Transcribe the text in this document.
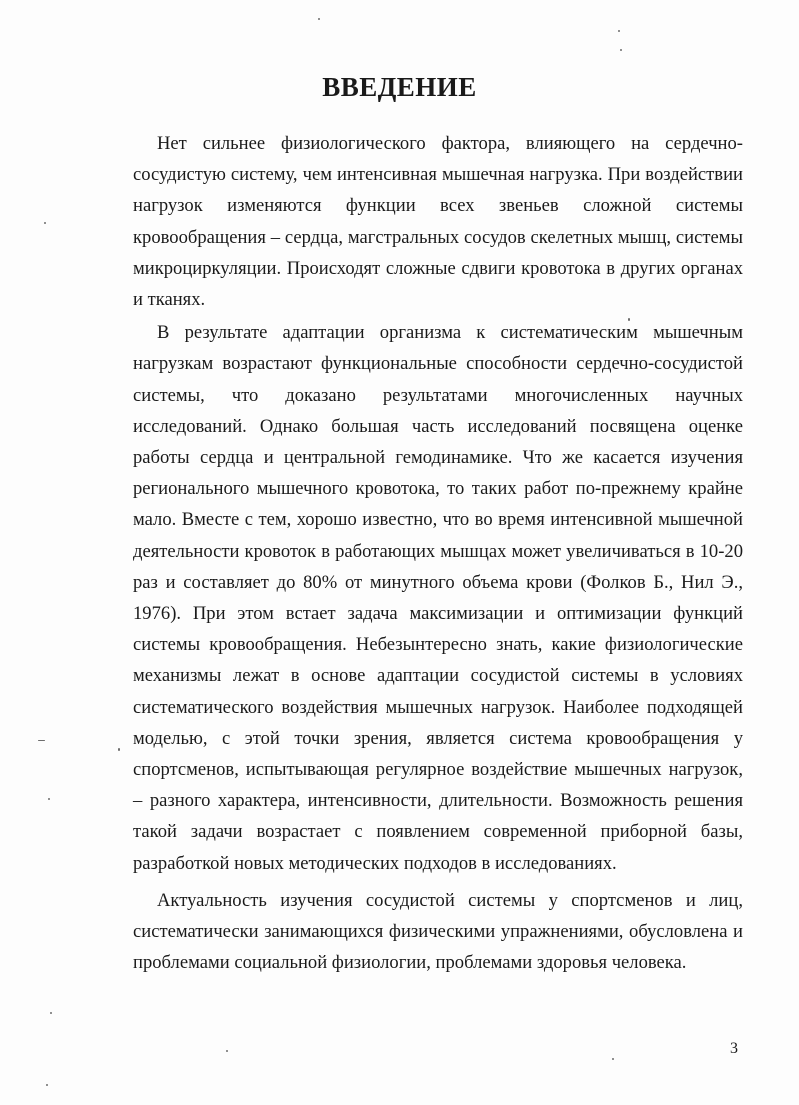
ВВЕДЕНИЕ

Нет сильнее физиологического фактора, влияющего на сердечно-сосудистую систему, чем интенсивная мышечная нагрузка. При воздействии нагрузок изменяются функции всех звеньев сложной системы кровообращения – сердца, магстральных сосудов скелетных мышц, системы микроциркуляции. Происходят сложные сдвиги кровотока в других органах и тканях.

В результате адаптации организма к систематическим мышечным нагрузкам возрастают функциональные способности сердечно-сосудистой системы, что доказано результатами многочисленных научных исследований. Однако большая часть исследований посвящена оценке работы сердца и центральной гемодинамике. Что же касается изучения регионального мышечного кровотока, то таких работ по-прежнему крайне мало. Вместе с тем, хорошо известно, что во время интенсивной мышечной деятельности кровоток в работающих мышцах может увеличиваться в 10-20 раз и составляет до 80% от минутного объема крови (Фолков Б., Нил Э., 1976). При этом встает задача максимизации и оптимизации функций системы кровообращения. Небезынтересно знать, какие физиологические механизмы лежат в основе адаптации сосудистой системы в условиях систематического воздействия мышечных нагрузок. Наиболее подходящей моделью, с этой точки зрения, является система кровообращения у спортсменов, испытывающая регулярное воздействие мышечных нагрузок, – разного характера, интенсивности, длительности. Возможность решения такой задачи возрастает с появлением современной приборной базы, разработкой новых методических подходов в исследованиях.

Актуальность изучения сосудистой системы у спортсменов и лиц, систематически занимающихся физическими упражнениями, обусловлена и проблемами социальной физиологии, проблемами здоровья человека.

3
